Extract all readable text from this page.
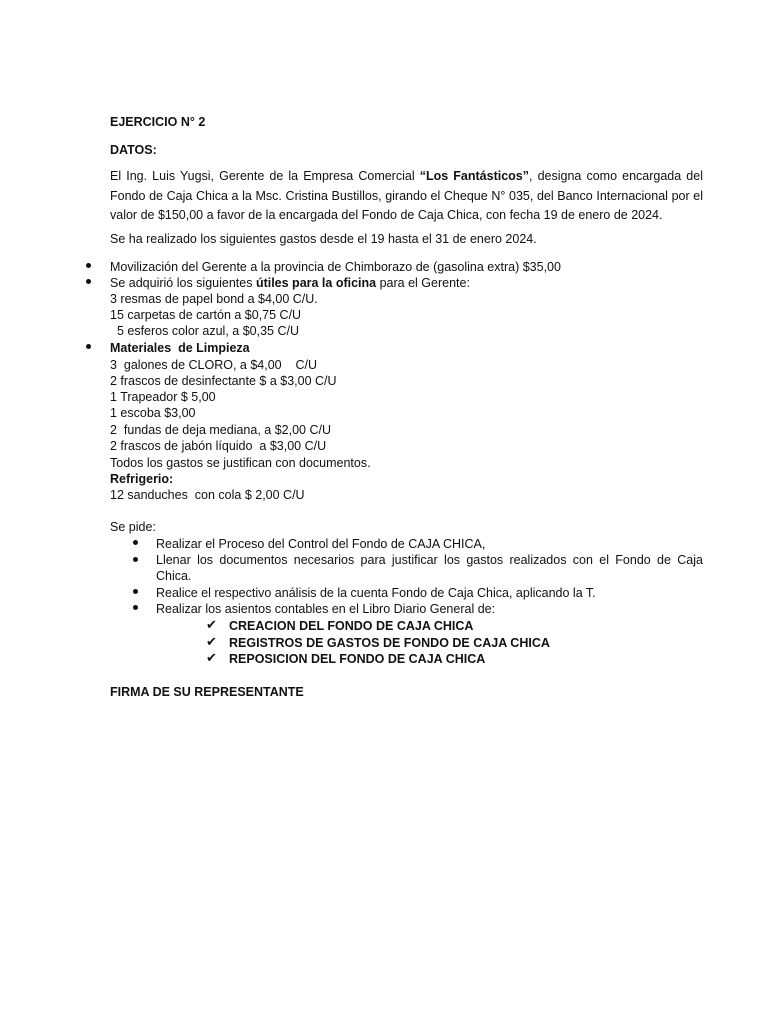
EJERCICIO N° 2
DATOS:
El Ing. Luis Yugsi, Gerente de la Empresa Comercial “Los Fantásticos”, designa como encargada del Fondo de Caja Chica a la Msc. Cristina Bustillos, girando el Cheque N° 035, del Banco Internacional por el valor de $150,00 a favor de la encargada del Fondo de Caja Chica, con fecha 19 de enero de 2024.
Se ha realizado los siguientes gastos desde el 19 hasta el 31 de enero 2024.
Movilización del Gerente a la provincia de Chimborazo de (gasolina extra) $35,00
Se adquirió los siguientes útiles para la oficina para el Gerente:
3 resmas de papel bond a $4,00 C/U.
15 carpetas de cartón a $0,75 C/U
5 esferos color azul, a $0,35 C/U
Materiales  de Limpieza
3  galones de CLORO, a $4,00    C/U
2 frascos de desinfectante $ a $3,00 C/U
1 Trapeador $ 5,00
1 escoba $3,00
2  fundas de deja mediana, a $2,00 C/U
2 frascos de jabón líquido  a $3,00 C/U
Todos los gastos se justifican con documentos.
Refrigerio:
12 sanduches  con cola $ 2,00 C/U
Se pide:
Realizar el Proceso del Control del Fondo de CAJA CHICA,
Llenar los documentos necesarios para justificar los gastos realizados con el Fondo de Caja Chica.
Realice el respectivo análisis de la cuenta Fondo de Caja Chica, aplicando la T.
Realizar los asientos contables en el Libro Diario General de:
✔ CREACION DEL FONDO DE CAJA CHICA
✔ REGISTROS DE GASTOS DE FONDO DE CAJA CHICA
✔ REPOSICION DEL FONDO DE CAJA CHICA
FIRMA DE SU REPRESENTANTE
